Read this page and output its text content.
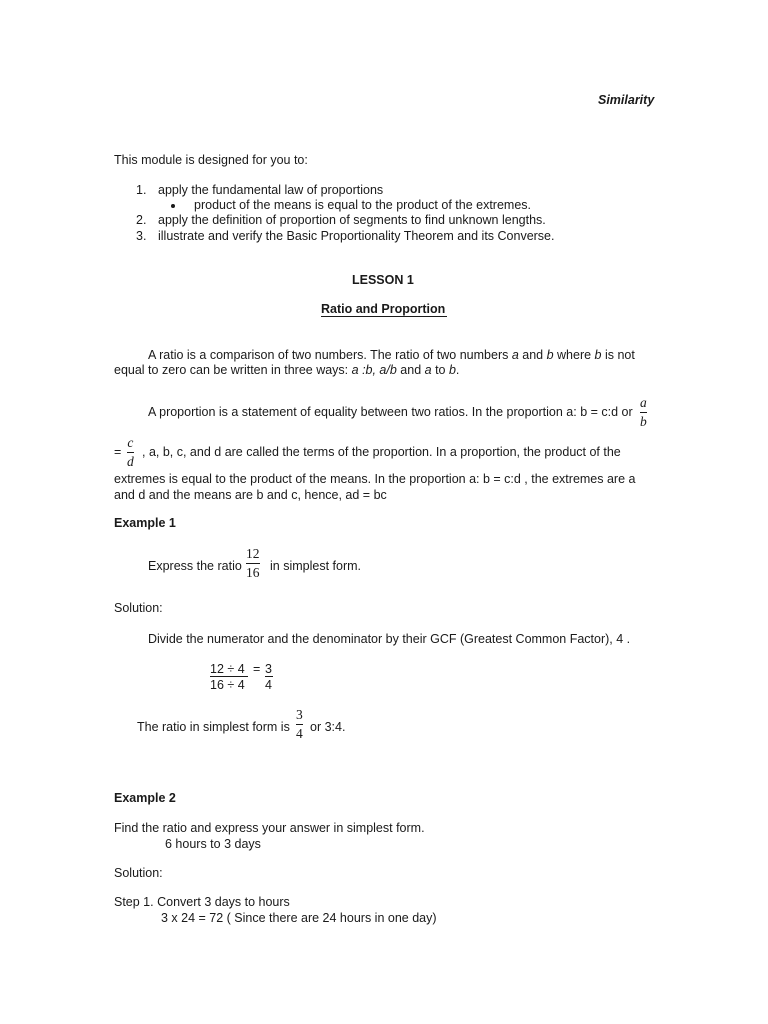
Similarity
This module is designed for you to:
1. apply the fundamental law of proportions
product of the means is equal to the product of the extremes.
2. apply the definition of proportion of segments to find unknown lengths.
3. illustrate and verify the Basic Proportionality Theorem and its Converse.
LESSON 1
Ratio and Proportion
A ratio is a comparison of two numbers. The ratio of two numbers a and b where b is not
equal to zero can be written in three ways: a :b, a/b and a to b.
A proportion is a statement of equality between two ratios. In the proportion a: b = c:d or
a
b
=
c
d
, a, b, c, and d are called the terms of the proportion. In a proportion, the product of the
extremes is equal to the product of the means. In the proportion a: b = c:d , the extremes are a
and d and the means are b and c, hence, ad = bc
Example 1
Express the ratio
12
16 in simplest form.
Solution:
Divide the numerator and the denominator by their GCF (Greatest Common Factor), 4 .
12 ÷ 4
16 ÷ 4
= 3
4
The ratio in simplest form is
3
4 or 3:4.
Example 2
Find the ratio and express your answer in simplest form.
6 hours to 3 days
Solution:
Step 1. Convert 3 days to hours
3 x 24 = 72 ( Since there are 24 hours in one day)
